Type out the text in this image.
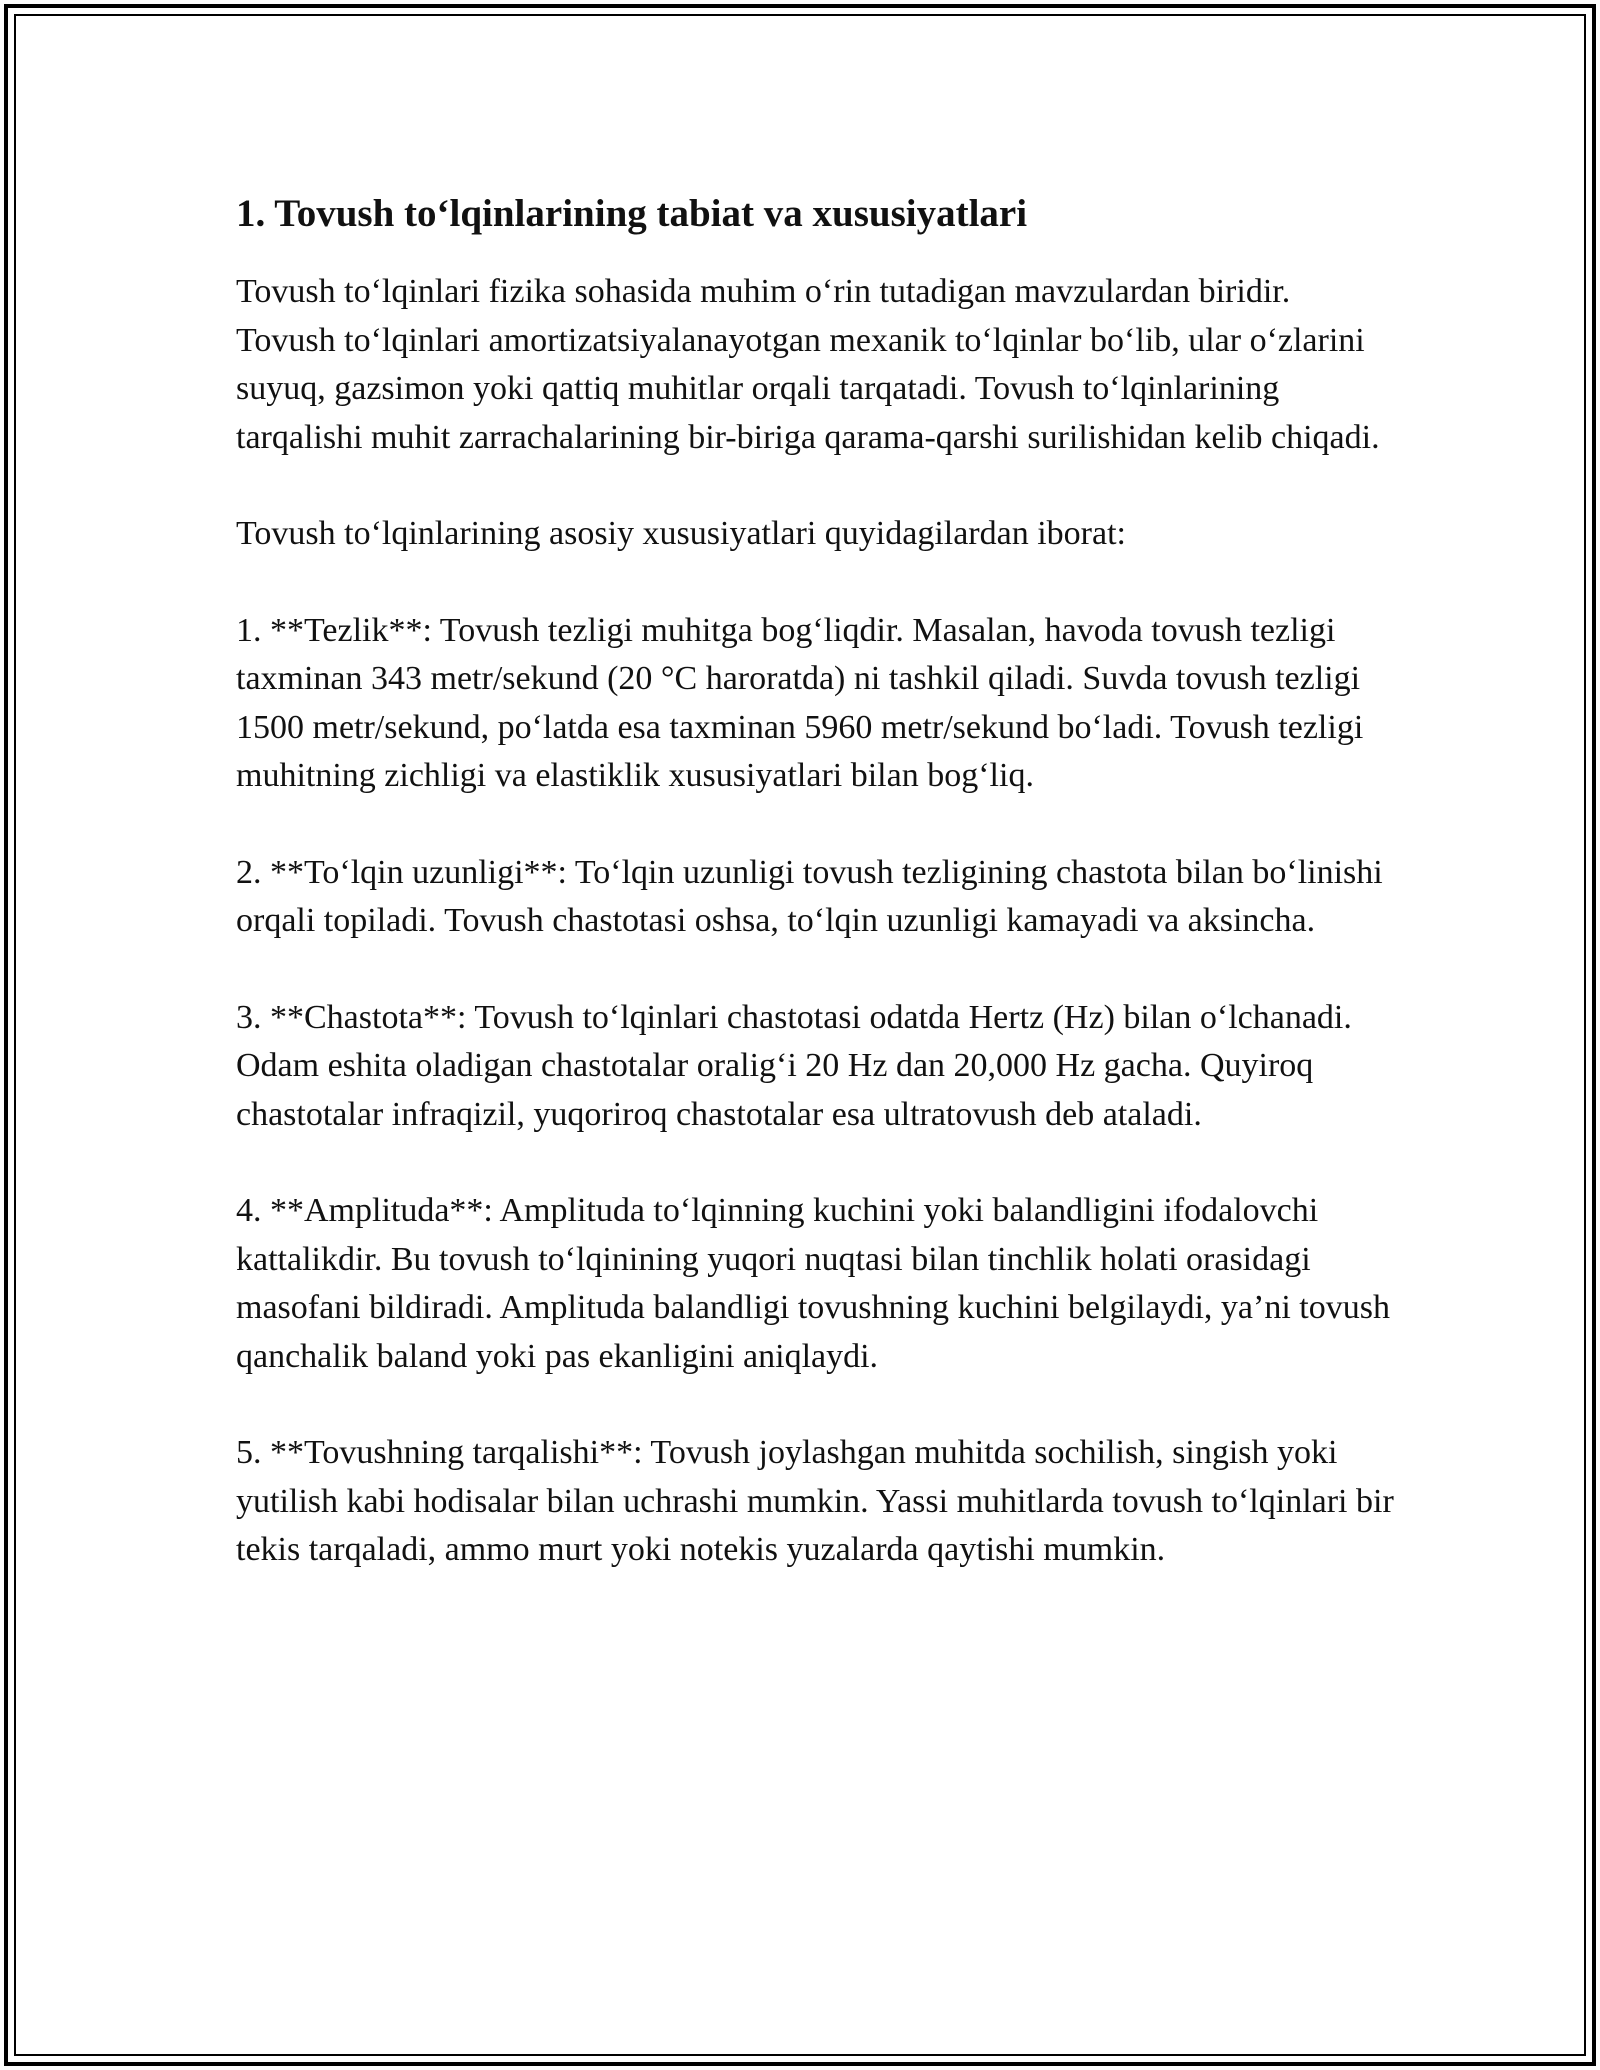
1. Tovush to‘lqinlarining tabiat va xususiyatlari

Tovush to‘lqinlari fizika sohasida muhim o‘rin tutadigan mavzulardan biridir. Tovush to‘lqinlari amortizatsiyalanayotgan mexanik to‘lqinlar bo‘lib, ular o‘zlarini suyuq, gazsimon yoki qattiq muhitlar orqali tarqatadi. Tovush to‘lqinlarining tarqalishi muhit zarrachalarining bir-biriga qarama-qarshi surilishidan kelib chiqadi.

Tovush to‘lqinlarining asosiy xususiyatlari quyidagilardan iborat:

1. **Tezlik**: Tovush tezligi muhitga bog‘liqdir. Masalan, havoda tovush tezligi taxminan 343 metr/sekund (20 °C haroratda) ni tashkil qiladi. Suvda tovush tezligi 1500 metr/sekund, po‘latda esa taxminan 5960 metr/sekund bo‘ladi. Tovush tezligi muhitning zichligi va elastiklik xususiyatlari bilan bog‘liq.

2. **To‘lqin uzunligi**: To‘lqin uzunligi tovush tezligining chastota bilan bo‘linishi orqali topiladi. Tovush chastotasi oshsa, to‘lqin uzunligi kamayadi va aksincha.

3. **Chastota**: Tovush to‘lqinlari chastotasi odatda Hertz (Hz) bilan o‘lchanadi. Odam eshita oladigan chastotalar oralig‘i 20 Hz dan 20,000 Hz gacha. Quyiroq chastotalar infraqizil, yuqoriroq chastotalar esa ultratovush deb ataladi.

4. **Amplituda**: Amplituda to‘lqinning kuchini yoki balandligini ifodalovchi kattalikdir. Bu tovush to‘lqinining yuqori nuqtasi bilan tinchlik holati orasidagi masofani bildiradi. Amplituda balandligi tovushning kuchini belgilaydi, ya’ni tovush qanchalik baland yoki pas ekanligini aniqlaydi.

5. **Tovushning tarqalishi**: Tovush joylashgan muhitda sochilish, singish yoki yutilish kabi hodisalar bilan uchrashi mumkin. Yassi muhitlarda tovush to‘lqinlari bir tekis tarqaladi, ammo murt yoki notekis yuzalarda qaytishi mumkin.
